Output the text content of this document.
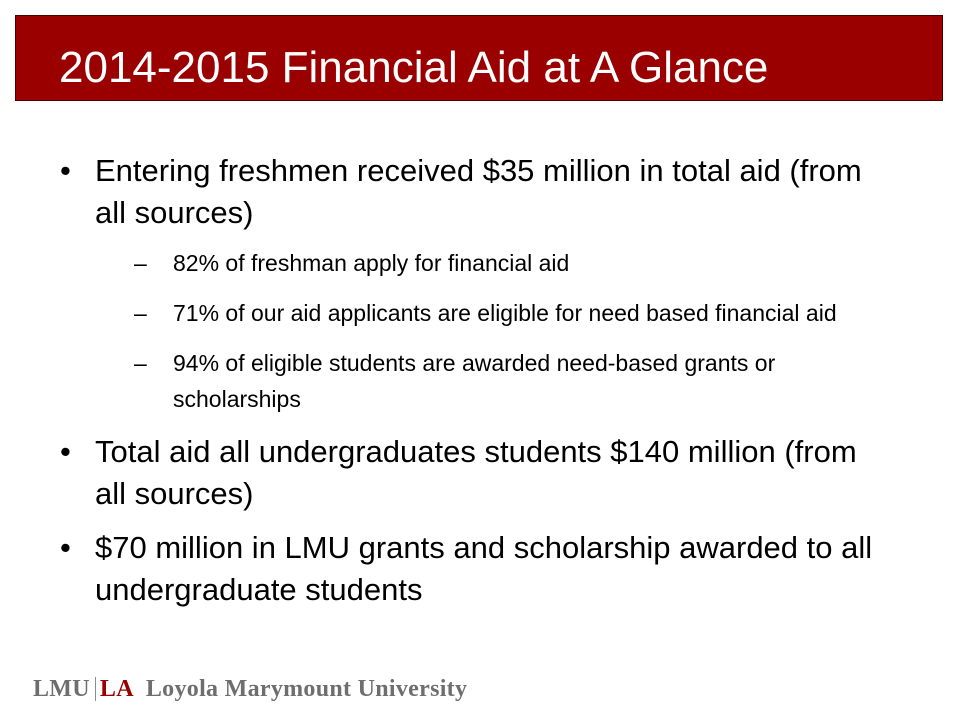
2014-2015 Financial Aid at A Glance
• Entering freshmen received $35 million in total aid (from all sources)
–	82% of freshman apply for financial aid
–	71% of our aid applicants are eligible for need based financial aid
–	94% of eligible students are awarded need-based grants or scholarships
• Total aid all undergraduates students $140 million (from all sources)
• $70 million in LMU grants and scholarship awarded to all undergraduate students
LMU LA Loyola Marymount University
